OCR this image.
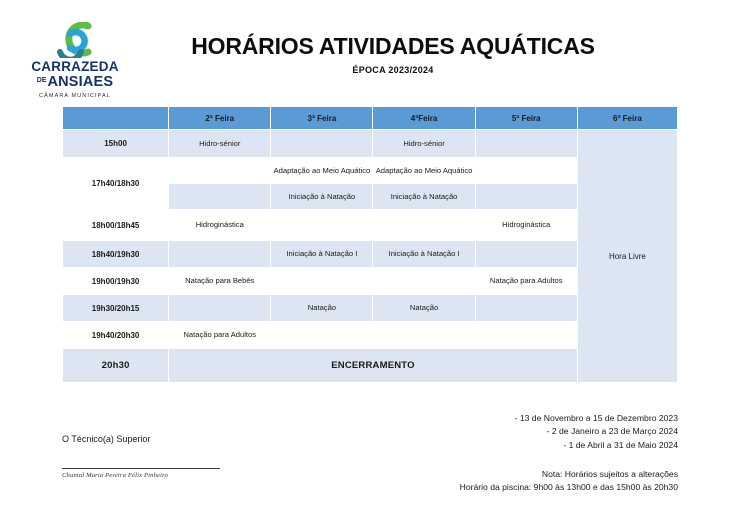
CARRAZEDA
DE ANSIAES
CÂMARA MUNICIPAL
HORÁRIOS ATIVIDADES AQUÁTICAS
ÉPOCA 2023/2024
	2ª Feira	3ª Feira	4ªFeira	5ª Feira	6ª Feira
15h00	Hidro-sénior		Hidro-sénior		Hora Livre
17h40/18h30		Adaptação ao Meio Aquático	Adaptação ao Meio Aquático		
		Iniciação à Natação	Iniciação à Natação		
18h00/18h45	Hidroginástica			Hidroginástica	
18h40/19h30		Iniciação à Natação I	Iniciação à Natação I		
19h00/19h30	Natação para Bebés			Natação para Adultos	
19h30/20h15		Natação	Natação		
19h40/20h30	Natação para Adultos				
20h30	ENCERRAMENTO				
- 13 de Novembro a 15 de Dezembro 2023
- 2 de Janeiro a 23 de Março 2024
- 1 de Abril a 31 de Maio 2024
Nota: Horários sujeitos a alterações
Horário da piscina: 9h00 às 13h00 e das 15h00 às 20h30
O Técnico(a) Superior
Chantal Maria Pereira Félix Pinheiro
